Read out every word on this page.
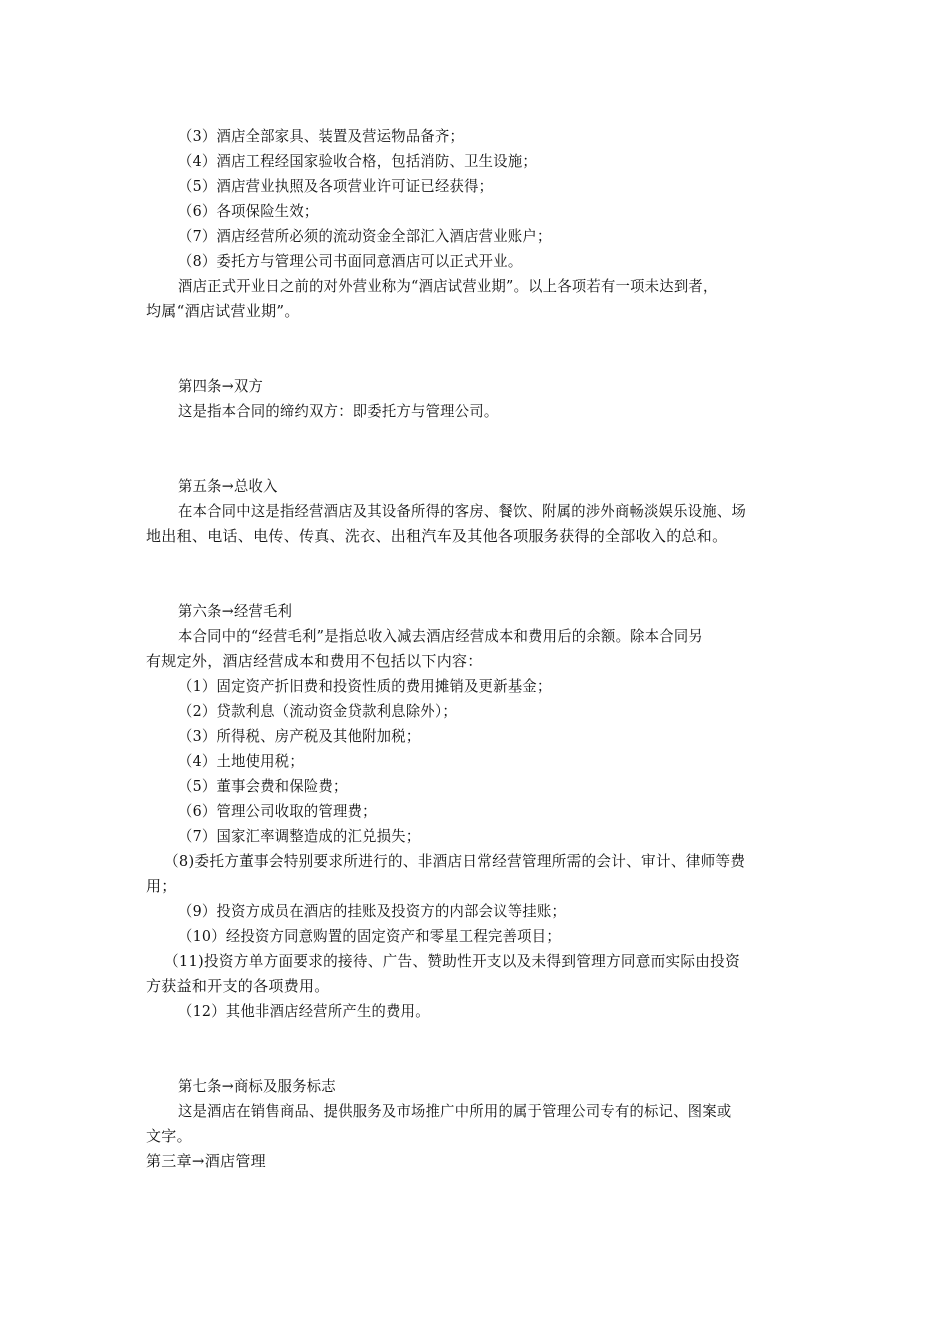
（3）酒店全部家具、装置及营运物品备齐；
（4）酒店工程经国家验收合格，包括消防、卫生设施；
（5）酒店营业执照及各项营业许可证已经获得；
（6）各项保险生效；
（7）酒店经营所必须的流动资金全部汇入酒店营业账户；
（8）委托方与管理公司书面同意酒店可以正式开业。
酒店正式开业日之前的对外营业称为“酒店试营业期”。以上各项若有一项未达到者，
均属“酒店试营业期”。
第四条→双方
这是指本合同的缔约双方：即委托方与管理公司。
第五条→总收入
在本合同中这是指经营酒店及其设备所得的客房、餐饮、附属的涉外商畅淡娱乐设施、场
地出租、电话、电传、传真、洗衣、出租汽车及其他各项服务获得的全部收入的总和。
第六条→经营毛利
本合同中的“经营毛利”是指总收入减去酒店经营成本和费用后的余额。除本合同另
有规定外，酒店经营成本和费用不包括以下内容：
（1）固定资产折旧费和投资性质的费用摊销及更新基金；
（2）贷款利息（流动资金贷款利息除外）；
（3）所得税、房产税及其他附加税；
（4）土地使用税；
（5）董事会费和保险费；
（6）管理公司收取的管理费；
（7）国家汇率调整造成的汇兑损失；
（8)委托方董事会特别要求所进行的、非酒店日常经营管理所需的会计、审计、律师等费
用；
（9）投资方成员在酒店的挂账及投资方的内部会议等挂账；
（10）经投资方同意购置的固定资产和零星工程完善项目；
（11)投资方单方面要求的接待、广告、赞助性开支以及未得到管理方同意而实际由投资
方获益和开支的各项费用。
（12）其他非酒店经营所产生的费用。
第七条→商标及服务标志
这是酒店在销售商品、提供服务及市场推广中所用的属于管理公司专有的标记、图案或
文字。
第三章→酒店管理
